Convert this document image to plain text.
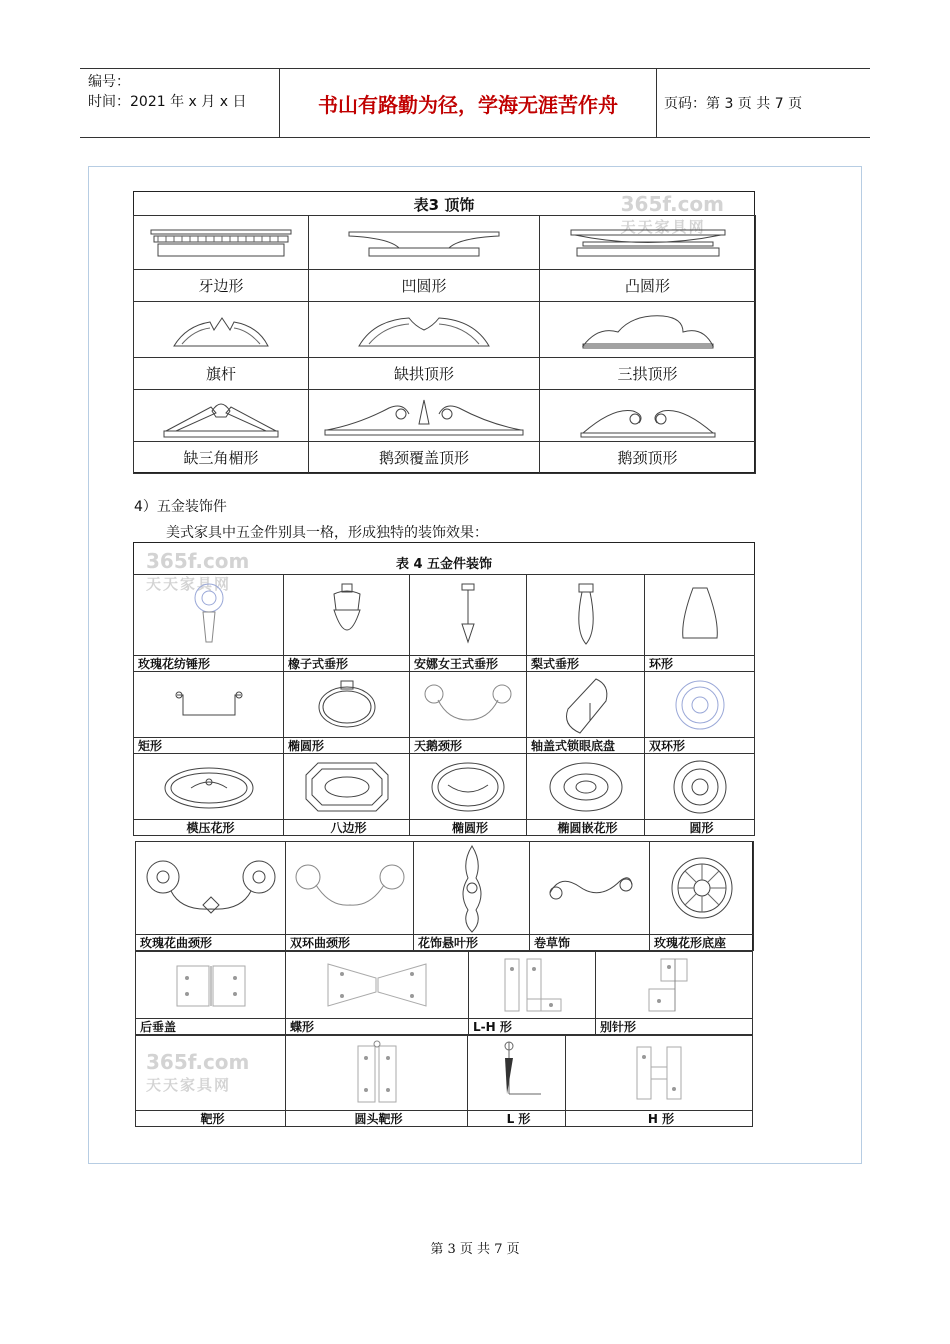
编号：
时间：2021 年 x 月 x 日	书山有路勤为径，学海无涯苦作舟	页码：第 3 页 共 7 页
表3 顶饰	365f.com
天天家具网
牙边形	凹圆形	凸圆形
旗杆	缺拱顶形	三拱顶形
缺三角楣形	鹅颈覆盖顶形	鹅颈顶形
4）五金装饰件
美式家具中五金件别具一格，形成独特的装饰效果：
表 4 五金件装饰
365f.com
天天家具网
玫瑰花纺锤形	橡子式垂形	安娜女王式垂形	梨式垂形	环形
矩形	椭圆形	天鹅颈形	轴盖式锁眼底盘	双环形
模压花形	八边形	椭圆形	椭圆嵌花形	圆形
玫瑰花曲颈形	双环曲颈形	花饰悬叶形	卷草饰	玫瑰花形底座
后垂盖	蝶形	L-H 形	别针形
365f.com
天天家具网
靶形	圆头靶形	L 形	H 形
第 3 页 共 7 页
